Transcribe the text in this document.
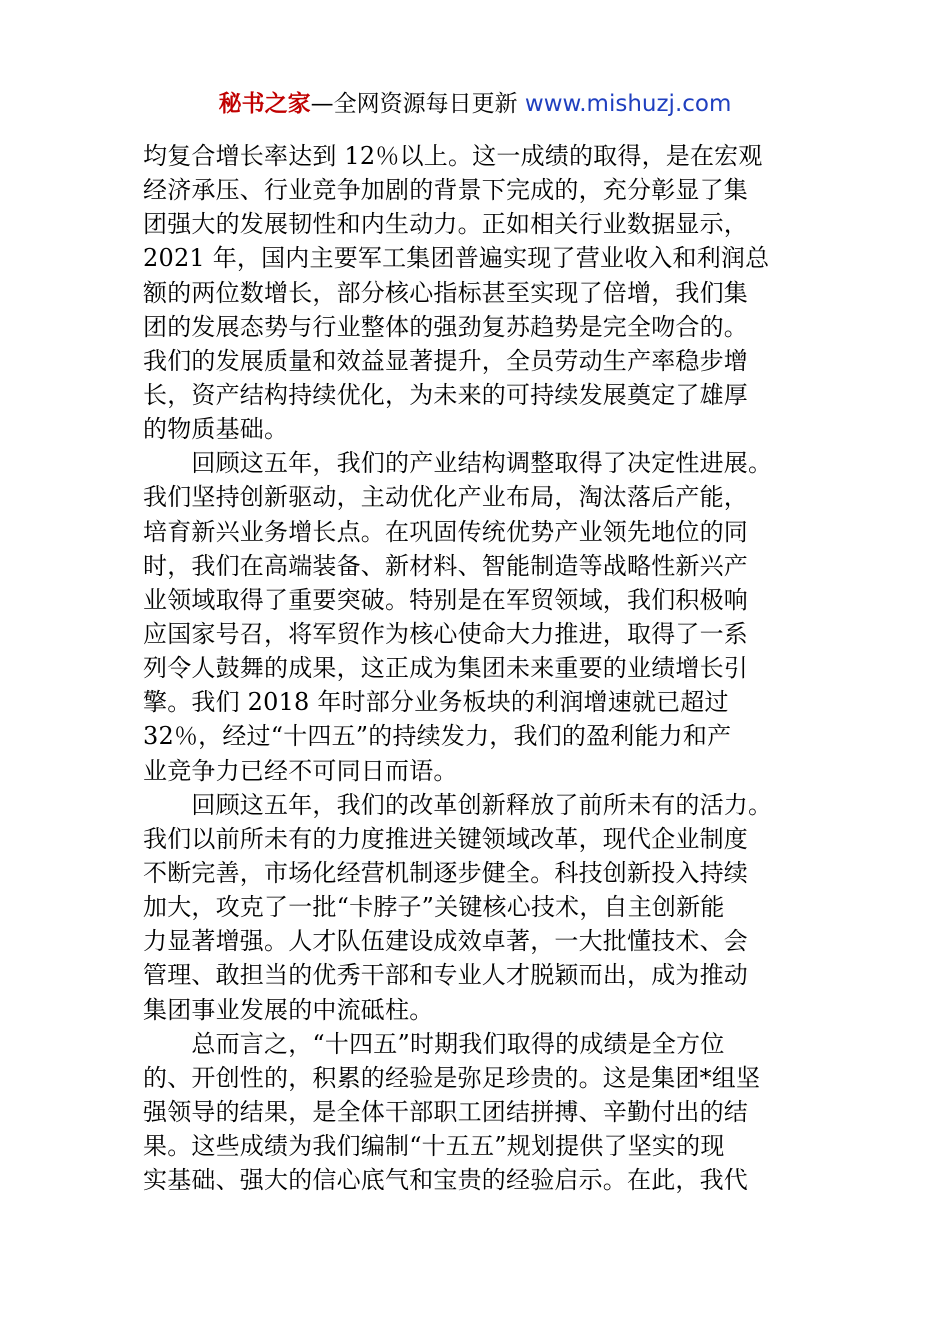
秘书之家—全网资源每日更新 www.mishuzj.com
均复合增长率达到 12％以上。这一成绩的取得，是在宏观
经济承压、行业竞争加剧的背景下完成的，充分彰显了集
团强大的发展韧性和内生动力。正如相关行业数据显示，
2021 年，国内主要军工集团普遍实现了营业收入和利润总
额的两位数增长，部分核心指标甚至实现了倍增，我们集
团的发展态势与行业整体的强劲复苏趋势是完全吻合的。
我们的发展质量和效益显著提升，全员劳动生产率稳步增
长，资产结构持续优化，为未来的可持续发展奠定了雄厚
的物质基础。
　　回顾这五年，我们的产业结构调整取得了决定性进展。
我们坚持创新驱动，主动优化产业布局，淘汰落后产能，
培育新兴业务增长点。在巩固传统优势产业领先地位的同
时，我们在高端装备、新材料、智能制造等战略性新兴产
业领域取得了重要突破。特别是在军贸领域，我们积极响
应国家号召，将军贸作为核心使命大力推进，取得了一系
列令人鼓舞的成果，这正成为集团未来重要的业绩增长引
擎。我们 2018 年时部分业务板块的利润增速就已超过
32％，经过“十四五”的持续发力，我们的盈利能力和产
业竞争力已经不可同日而语。
　　回顾这五年，我们的改革创新释放了前所未有的活力。
我们以前所未有的力度推进关键领域改革，现代企业制度
不断完善，市场化经营机制逐步健全。科技创新投入持续
加大，攻克了一批“卡脖子”关键核心技术，自主创新能
力显著增强。人才队伍建设成效卓著，一大批懂技术、会
管理、敢担当的优秀干部和专业人才脱颖而出，成为推动
集团事业发展的中流砥柱。
　　总而言之，“十四五”时期我们取得的成绩是全方位
的、开创性的，积累的经验是弥足珍贵的。这是集团*组坚
强领导的结果，是全体干部职工团结拼搏、辛勤付出的结
果。这些成绩为我们编制“十五五”规划提供了坚实的现
实基础、强大的信心底气和宝贵的经验启示。在此，我代
